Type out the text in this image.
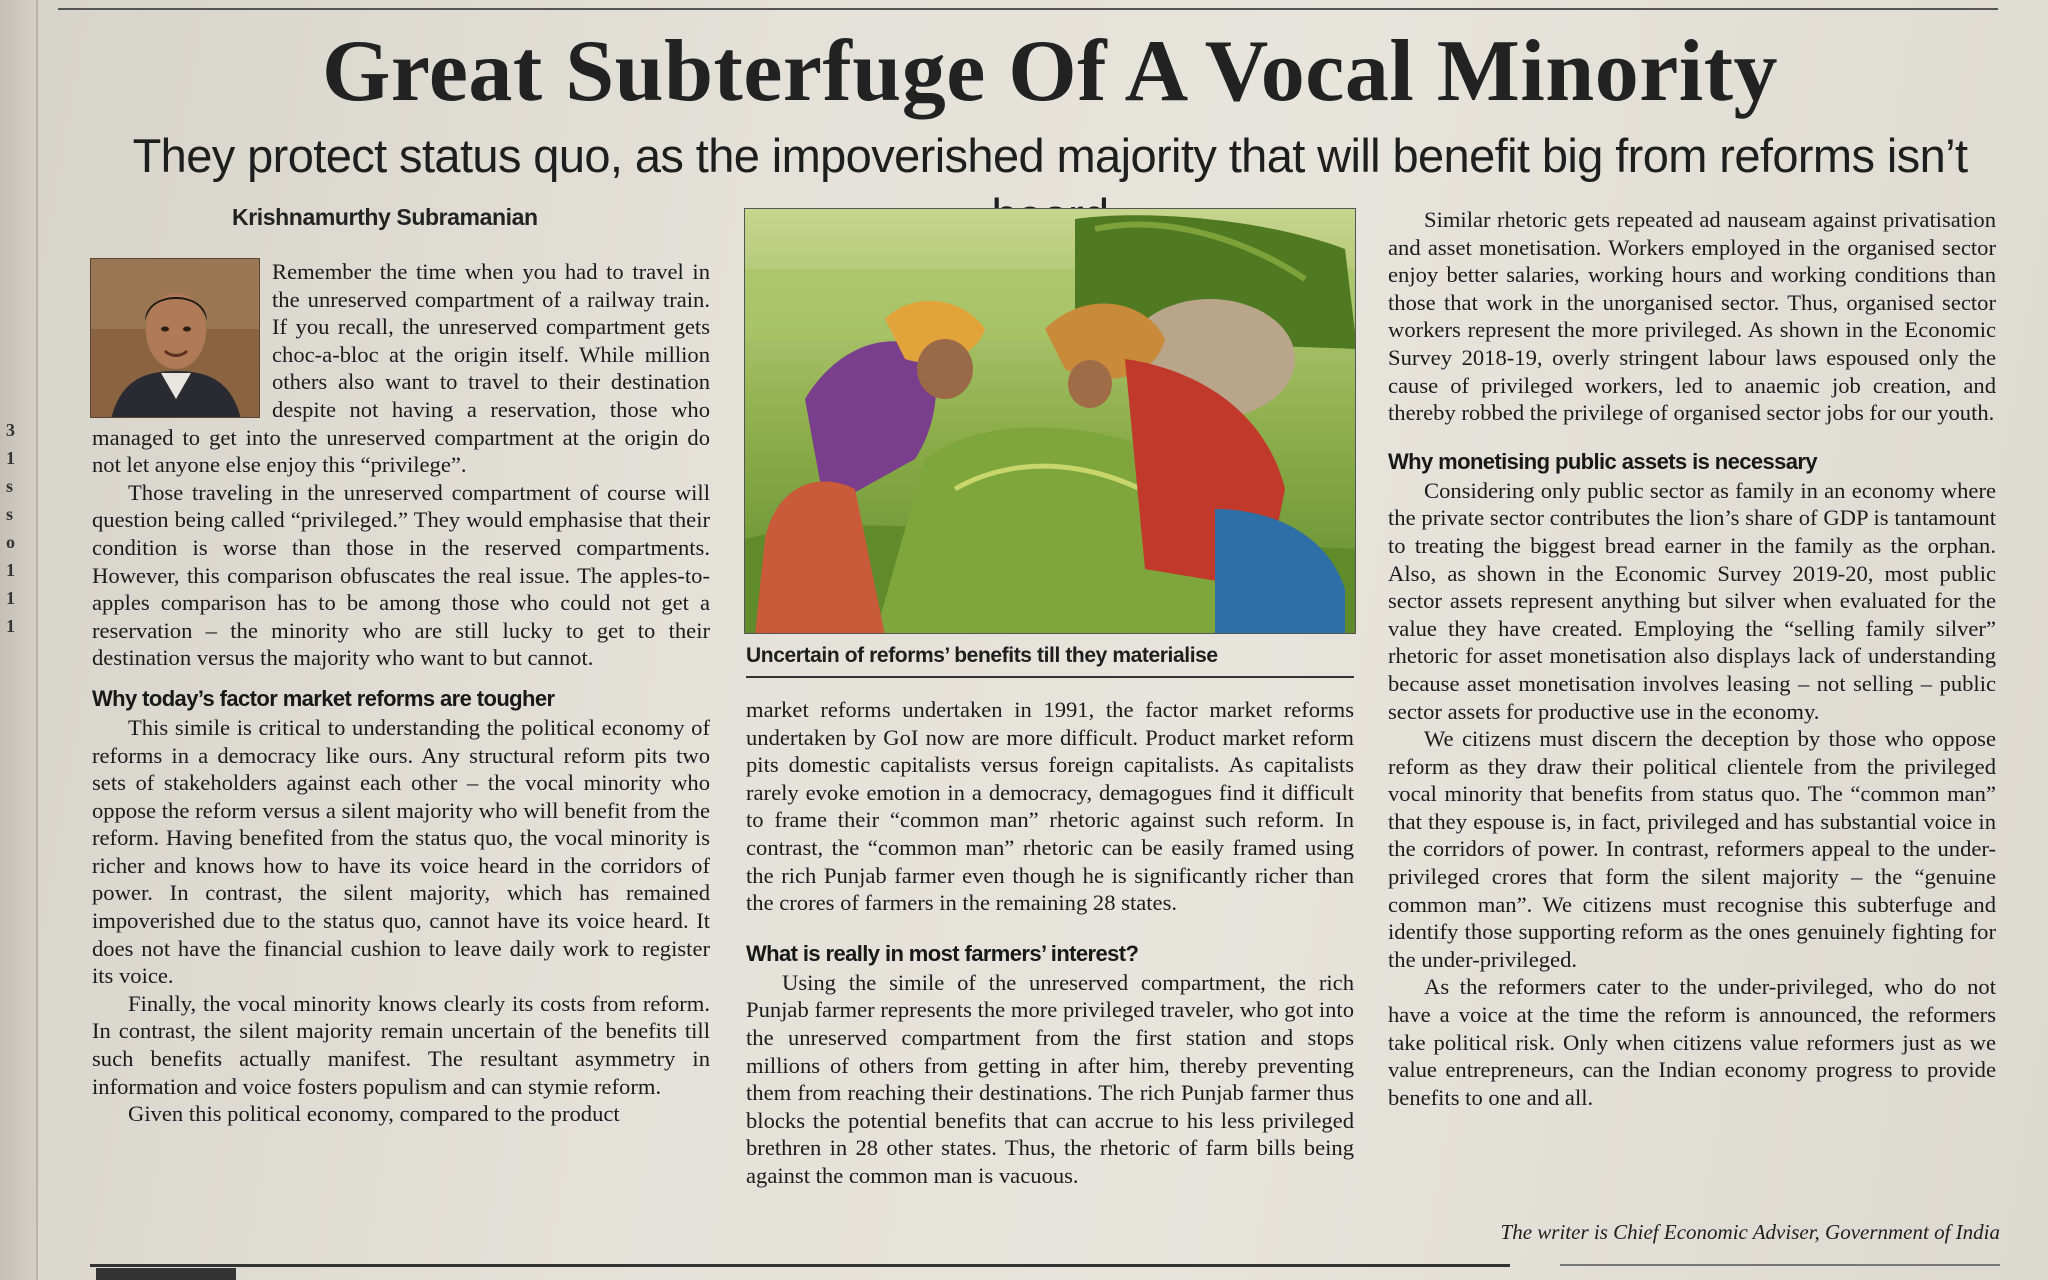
3
1
s
s
o
1
1
1
Great Subterfuge Of A Vocal Minority
They protect status quo, as the impoverished majority that will benefit big from reforms isn’t
Krishnamurthy Subramanian

Remember the time when you had to travel in the unreserved compartment of a railway train. If you recall, the unreserved compartment gets choc-a-bloc at the origin itself. While million others also want to travel to their destination despite not having a reservation, those who managed to get into the unreserved compartment at the origin do not let anyone else enjoy this “privilege”.

Those traveling in the unreserved compartment of course will question being called “privileged.” They would emphasise that their condition is worse than those in the reserved compartments. However, this comparison obfuscates the real issue. The apples-to-apples comparison has to be among those who could not get a reservation – the minority who are still lucky to get to their destination versus the majority who want to but cannot.

Why today’s factor market reforms are tougher

This simile is critical to understanding the political economy of reforms in a democracy like ours. Any structural reform pits two sets of stakeholders against each other – the vocal minority who oppose the reform versus a silent majority who will benefit from the reform. Having benefited from the status quo, the vocal minority is richer and knows how to have its voice heard in the corridors of power. In contrast, the silent majority, which has remained impoverished due to the status quo, cannot have its voice heard. It does not have the financial cushion to leave daily work to register its voice.

Finally, the vocal minority knows clearly its costs from reform. In contrast, the silent majority remain uncertain of the benefits till such benefits actually manifest. The resultant asymmetry in information and voice fosters populism and can stymie reform.

Given this political economy, compared to the product

Uncertain of reforms’ benefits till they materialise

market reforms undertaken in 1991, the factor market reforms undertaken by GoI now are more difficult. Product market reform pits domestic capitalists versus foreign capitalists. As capitalists rarely evoke emotion in a democracy, demagogues find it difficult to frame their “common man” rhetoric against such reform. In contrast, the “common man” rhetoric can be easily framed using the rich Punjab farmer even though he is significantly richer than the crores of farmers in the remaining 28 states.

What is really in most farmers’ interest?

Using the simile of the unreserved compartment, the rich Punjab farmer represents the more privileged traveler, who got into the unreserved compartment from the first station and stops millions of others from getting in after him, thereby preventing them from reaching their destinations. The rich Punjab farmer thus blocks the potential benefits that can accrue to his less privileged brethren in 28 other states. Thus, the rhetoric of farm bills being against the common man is vacuous.

Similar rhetoric gets repeated ad nauseam against privatisation and asset monetisation. Workers employed in the organised sector enjoy better salaries, working hours and working conditions than those that work in the unorganised sector. Thus, organised sector workers represent the more privileged. As shown in the Economic Survey 2018-19, overly stringent labour laws espoused only the cause of privileged workers, led to anaemic job creation, and thereby robbed the privilege of organised sector jobs for our youth.

Why monetising public assets is necessary

Considering only public sector as family in an economy where the private sector contributes the lion’s share of GDP is tantamount to treating the biggest bread earner in the family as the orphan. Also, as shown in the Economic Survey 2019-20, most public sector assets represent anything but silver when evaluated for the value they have created. Employing the “selling family silver” rhetoric for asset monetisation also displays lack of understanding because asset monetisation involves leasing – not selling – public sector assets for productive use in the economy.

We citizens must discern the deception by those who oppose reform as they draw their political clientele from the privileged vocal minority that benefits from status quo. The “common man” that they espouse is, in fact, privileged and has substantial voice in the corridors of power. In contrast, reformers appeal to the under-privileged crores that form the silent majority – the “genuine common man”. We citizens must recognise this subterfuge and identify those supporting reform as the ones genuinely fighting for the under-privileged.

As the reformers cater to the under-privileged, who do not have a voice at the time the reform is announced, the reformers take political risk. Only when citizens value reformers just as we value entrepreneurs, can the Indian economy progress to provide benefits to one and all.

The writer is Chief Economic Adviser, Government of India
